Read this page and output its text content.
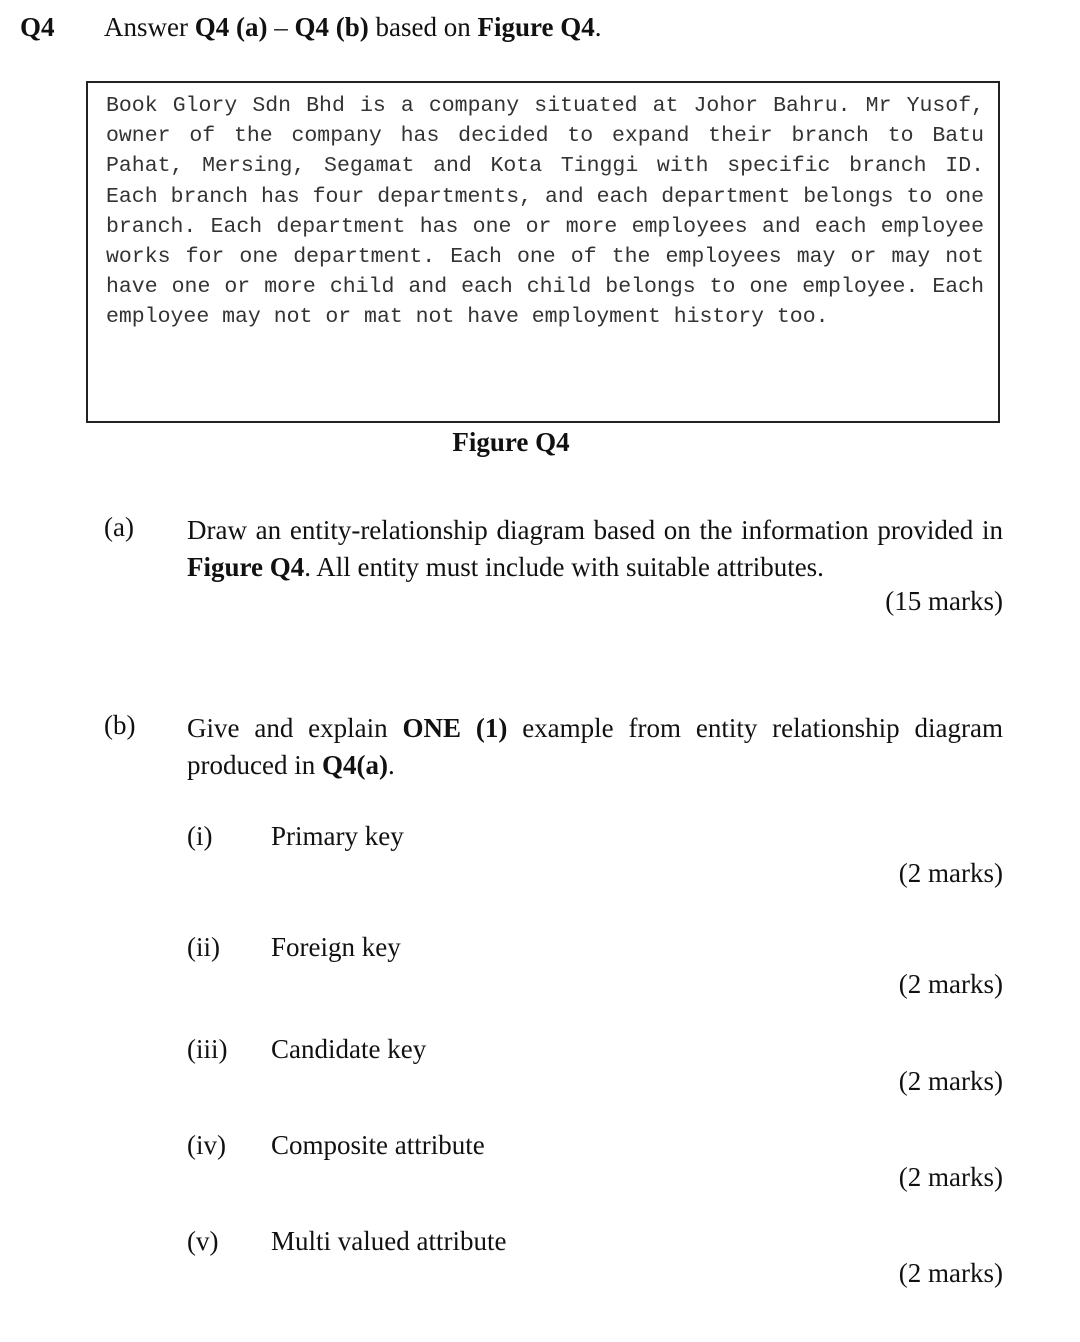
Q4 Answer Q4 (a) – Q4 (b) based on Figure Q4.

Book Glory Sdn Bhd is a company situated at Johor Bahru. Mr Yusof, owner of the company has decided to expand their branch to Batu Pahat, Mersing, Segamat and Kota Tinggi with specific branch ID. Each branch has four departments, and each department belongs to one branch. Each department has one or more employees and each employee works for one department. Each one of the employees may or may not have one or more child and each child belongs to one employee. Each employee may not or mat not have employment history too.

Figure Q4
(a) Draw an entity-relationship diagram based on the information provided in Figure Q4. All entity must include with suitable attributes.
(15 marks)
(b) Give and explain ONE (1) example from entity relationship diagram produced in Q4(a).
(i) Primary key
(2 marks)
(ii) Foreign key
(2 marks)
(iii) Candidate key
(2 marks)
(iv) Composite attribute
(2 marks)
(v) Multi valued attribute
(2 marks)
